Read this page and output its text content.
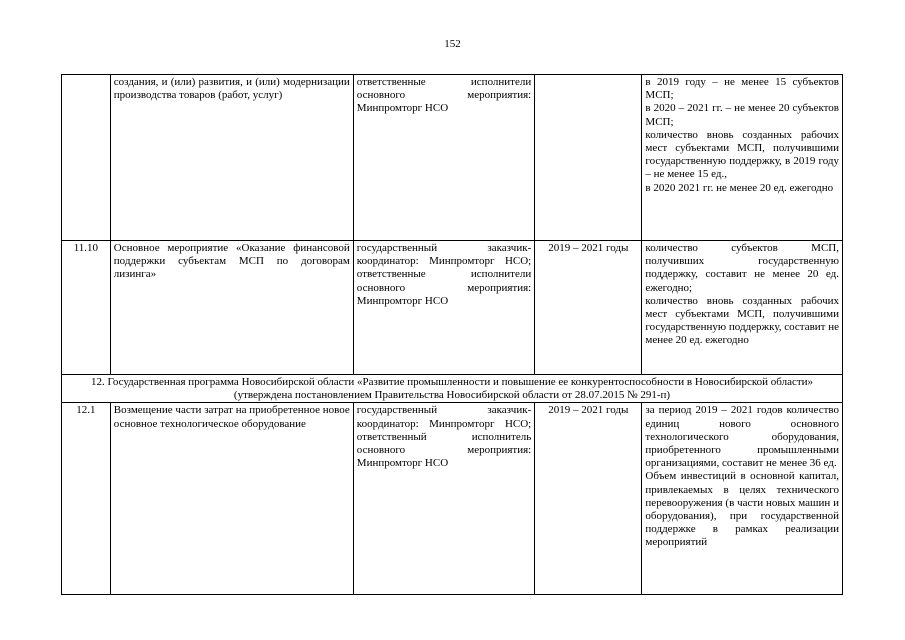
152
	создания, и (или) развития, и (или) модернизации производства товаров (работ, услуг)	ответственные исполнители основного мероприятия: Минпромторг НСО		в 2019 году – не менее 15 субъектов МСП;
в 2020 – 2021 гг. – не менее 20 субъектов МСП;
количество вновь созданных рабочих мест субъектами МСП, получившими государственную поддержку, в 2019 году – не менее 15 ед.,
в 2020 2021 гг. не менее 20 ед. ежегодно

11.10	Основное мероприятие «Оказание финансовой поддержки субъектам МСП по договорам лизинга»	государственный заказчик-координатор: Минпромторг НСО; ответственные исполнители основного мероприятия: Минпромторг НСО	2019 – 2021 годы	количество субъектов МСП, получивших государственную поддержку, составит не менее 20 ед. ежегодно;
количество вновь созданных рабочих мест субъектами МСП, получившими государственную поддержку, составит не менее 20 ед. ежегодно

12. Государственная программа Новосибирской области «Развитие промышленности и повышение ее конкурентоспособности в Новосибирской области» (утверждена постановлением Правительства Новосибирской области от 28.07.2015 № 291-п)				
12.1	Возмещение части затрат на приобретенное новое основное технологическое оборудование	государственный заказчик-координатор: Минпромторг НСО; ответственный исполнитель основного мероприятия: Минпромторг НСО	2019 – 2021 годы	за период 2019 – 2021 годов количество единиц нового основного технологического оборудования, приобретенного промышленными организациями, составит не менее 36 ед.
Объем инвестиций в основной капитал, привлекаемых в целях технического перевооружения (в части новых машин и оборудования), при государственной поддержке в рамках реализации мероприятий
